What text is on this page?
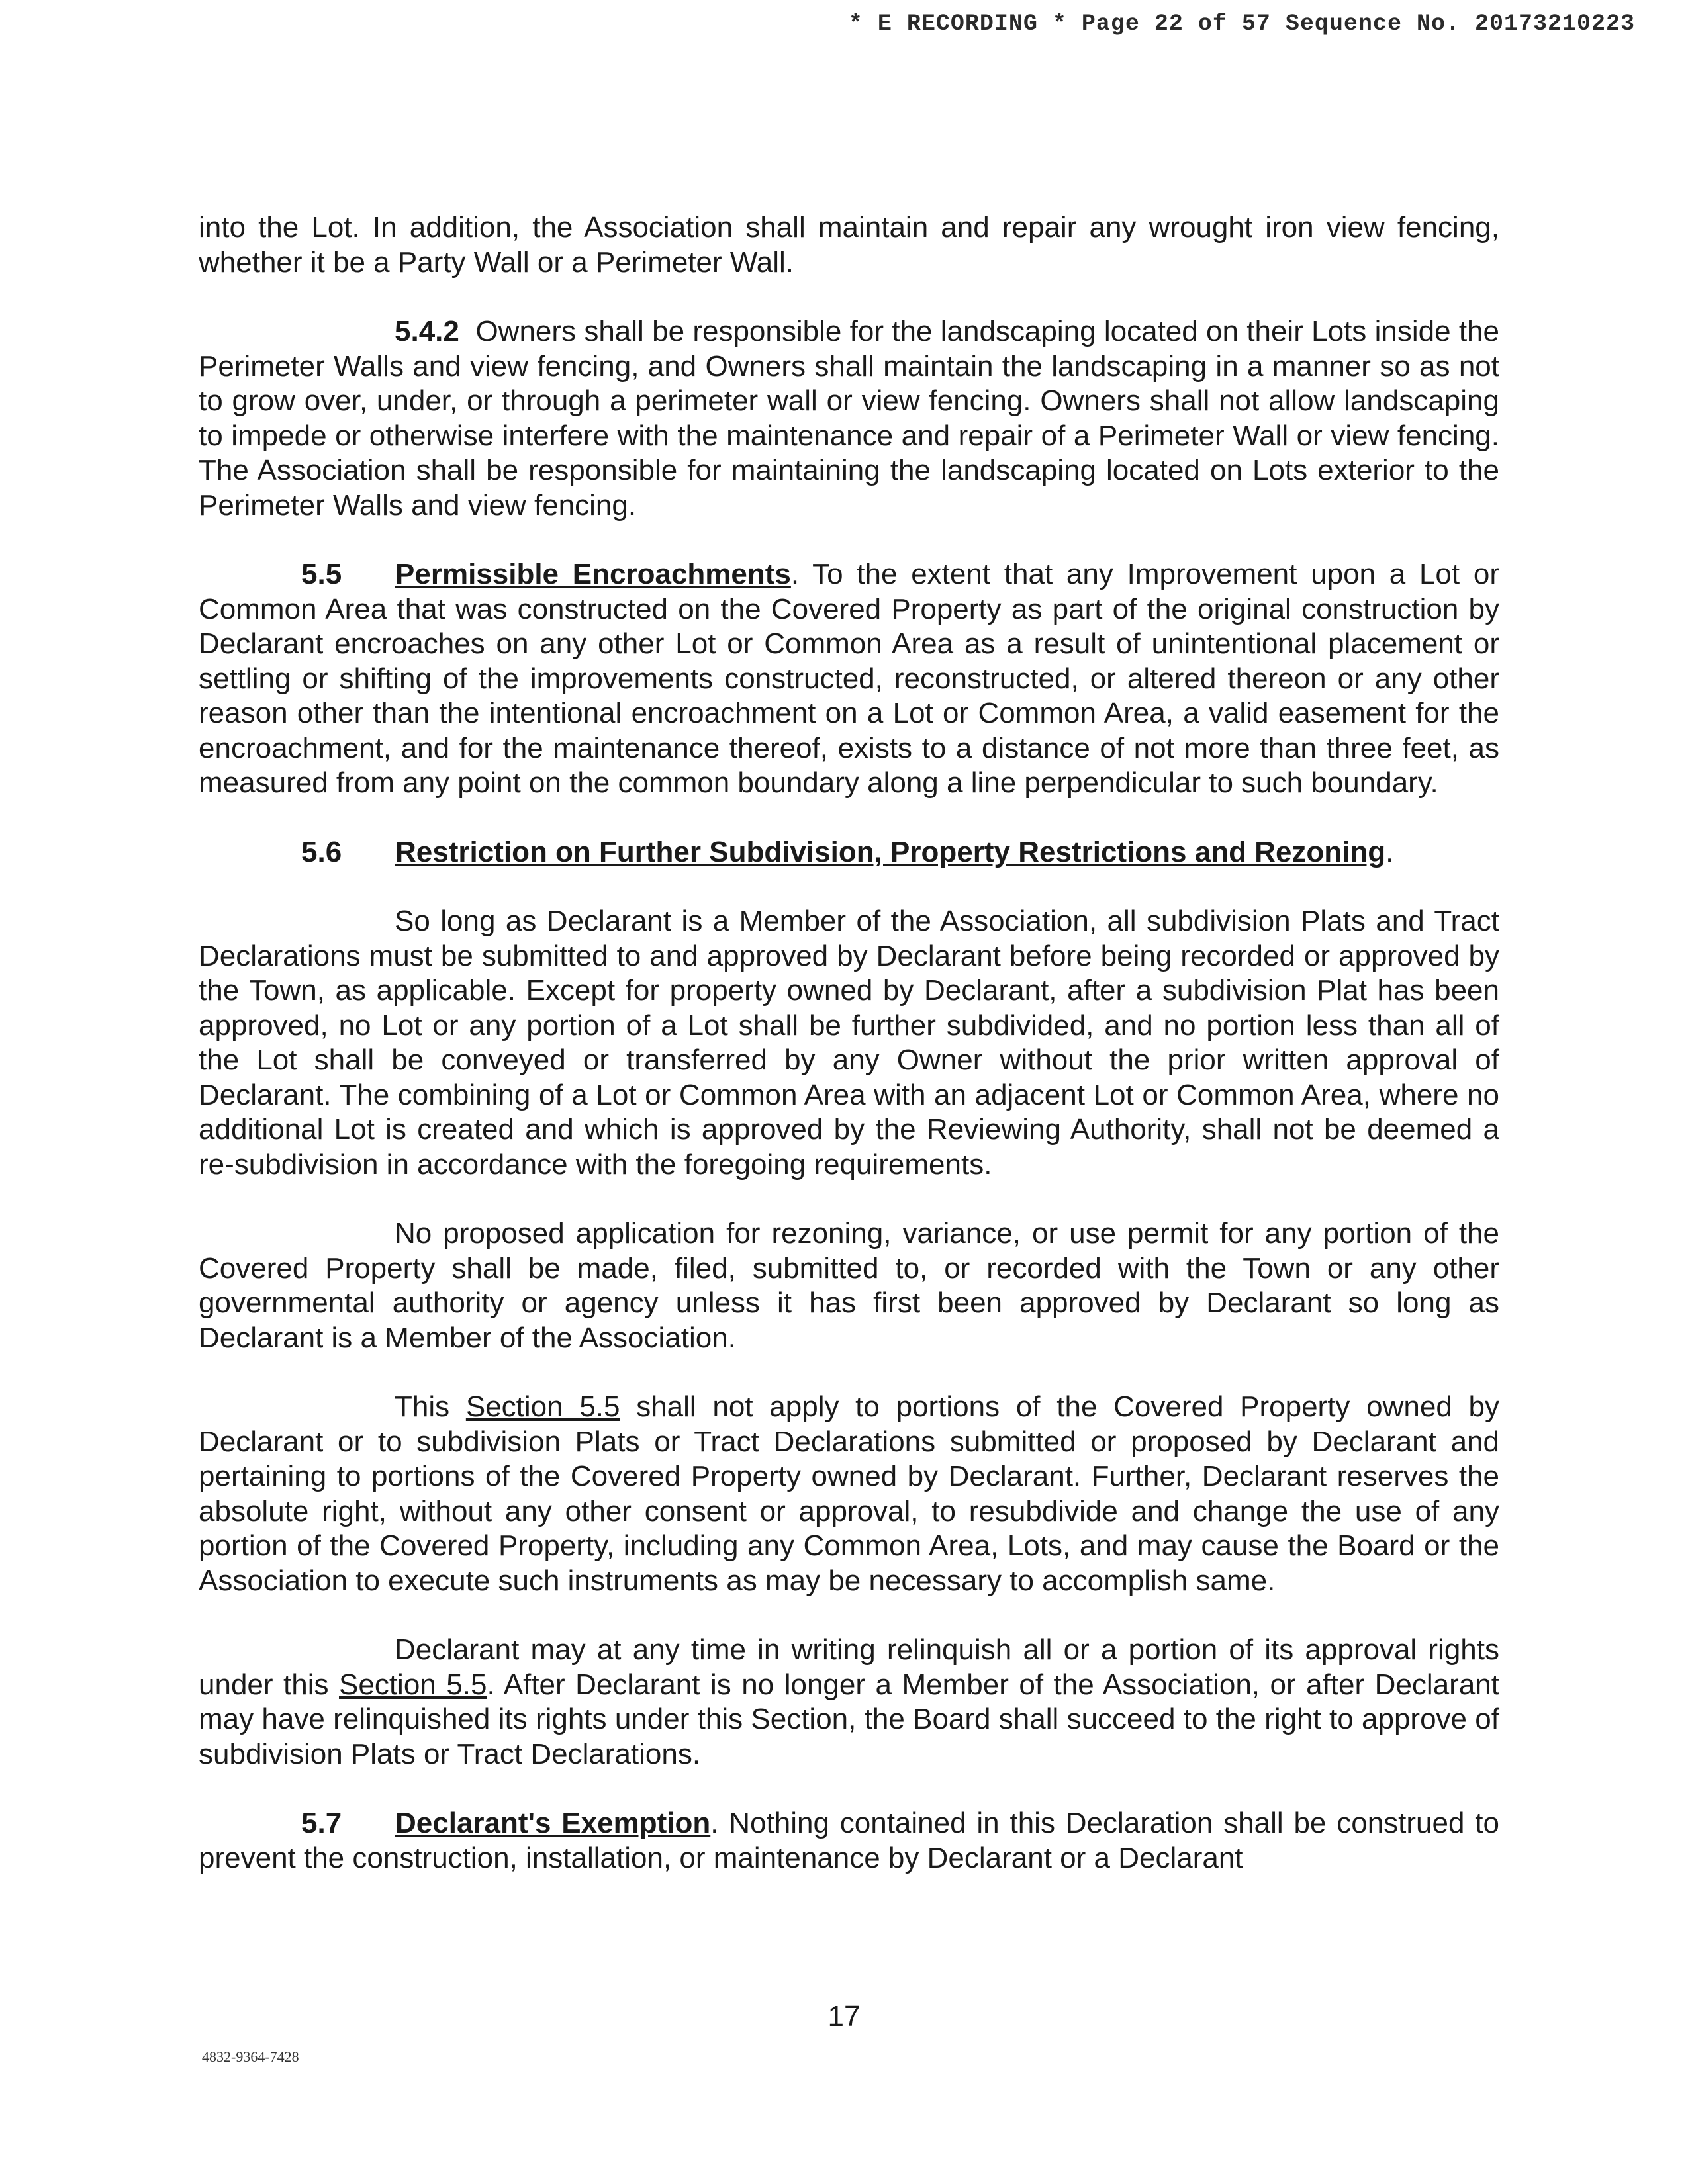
* E RECORDING * Page 22 of 57 Sequence No. 20173210223

into the Lot. In addition, the Association shall maintain and repair any wrought iron view fencing, whether it be a Party Wall or a Perimeter Wall.

5.4.2 Owners shall be responsible for the landscaping located on their Lots inside the Perimeter Walls and view fencing, and Owners shall maintain the landscaping in a manner so as not to grow over, under, or through a perimeter wall or view fencing. Owners shall not allow landscaping to impede or otherwise interfere with the maintenance and repair of a Perimeter Wall or view fencing. The Association shall be responsible for maintaining the landscaping located on Lots exterior to the Perimeter Walls and view fencing.

5.5 Permissible Encroachments. To the extent that any Improvement upon a Lot or Common Area that was constructed on the Covered Property as part of the original construction by Declarant encroaches on any other Lot or Common Area as a result of unintentional placement or settling or shifting of the improvements constructed, reconstructed, or altered thereon or any other reason other than the intentional encroachment on a Lot or Common Area, a valid easement for the encroachment, and for the maintenance thereof, exists to a distance of not more than three feet, as measured from any point on the common boundary along a line perpendicular to such boundary.

5.6 Restriction on Further Subdivision, Property Restrictions and Rezoning.

So long as Declarant is a Member of the Association, all subdivision Plats and Tract Declarations must be submitted to and approved by Declarant before being recorded or approved by the Town, as applicable. Except for property owned by Declarant, after a subdivision Plat has been approved, no Lot or any portion of a Lot shall be further subdivided, and no portion less than all of the Lot shall be conveyed or transferred by any Owner without the prior written approval of Declarant. The combining of a Lot or Common Area with an adjacent Lot or Common Area, where no additional Lot is created and which is approved by the Reviewing Authority, shall not be deemed a re-subdivision in accordance with the foregoing requirements.

No proposed application for rezoning, variance, or use permit for any portion of the Covered Property shall be made, filed, submitted to, or recorded with the Town or any other governmental authority or agency unless it has first been approved by Declarant so long as Declarant is a Member of the Association.

This Section 5.5 shall not apply to portions of the Covered Property owned by Declarant or to subdivision Plats or Tract Declarations submitted or proposed by Declarant and pertaining to portions of the Covered Property owned by Declarant. Further, Declarant reserves the absolute right, without any other consent or approval, to resubdivide and change the use of any portion of the Covered Property, including any Common Area, Lots, and may cause the Board or the Association to execute such instruments as may be necessary to accomplish same.

Declarant may at any time in writing relinquish all or a portion of its approval rights under this Section 5.5. After Declarant is no longer a Member of the Association, or after Declarant may have relinquished its rights under this Section, the Board shall succeed to the right to approve of subdivision Plats or Tract Declarations.

5.7 Declarant's Exemption. Nothing contained in this Declaration shall be construed to prevent the construction, installation, or maintenance by Declarant or a Declarant

17
4832-9364-7428
